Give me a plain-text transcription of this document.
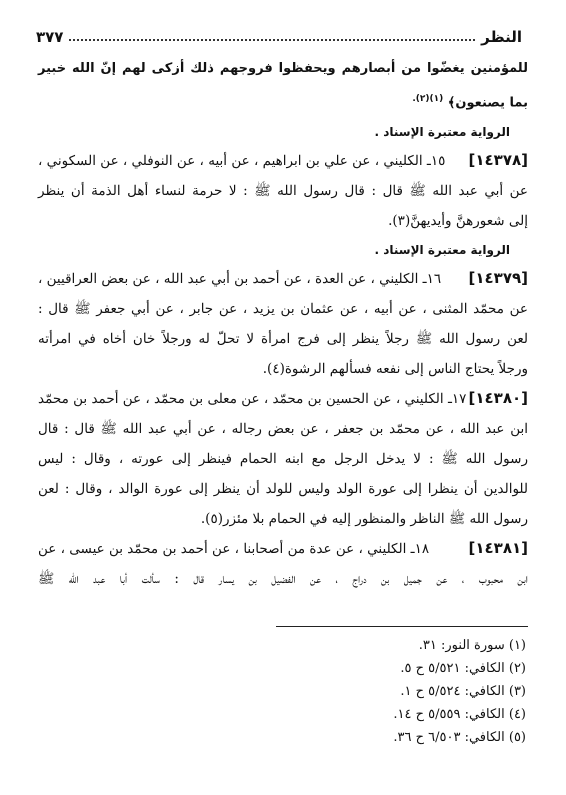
النظر
٣٧٧

للمؤمنين يغضّوا من أبصارهم ويحفظوا فروجهم ذلك أزكى لهم إنّ الله خبير بما يصنعون﴾ $^{(١)(٢).}$

الرواية معتبرة الإسناد .

[١٤٣٧٨]
١٥ـ الكليني ، عن علي بن ابراهيم ، عن أبيه ، عن النوفلي ، عن السكوني ،

عن أبي عبد الله ﷺ قال : قال رسول الله ﷺ : لا حرمة لنساء أهل الذمة أن ينظر

إلى شعورهنَّ وأيديهنَّ(٣).

الرواية معتبرة الإسناد .

[١٤٣٧٩]
١٦ـ الكليني ، عن العدة ، عن أحمد بن أبي عبد الله ، عن بعض العراقيين ،

عن محمّد المثنى ، عن أبيه ، عن عثمان بن يزيد ، عن جابر ، عن أبي جعفر ﷺ قال :

لعن رسول الله ﷺ رجلاً ينظر إلى فرج امرأة لا تحلّ له ورجلاً خان أخاه في امرأته

ورجلاً يحتاج الناس إلى نفعه فسألهم الرشوة(٤).

[١٤٣٨٠]
١٧ـ الكليني ، عن الحسين بن محمّد ، عن معلى بن محمّد ، عن أحمد بن محمّد

ابن عبد الله ، عن محمّد بن جعفر ، عن بعض رجاله ، عن أبي عبد الله ﷺ قال : قال

رسول الله ﷺ : لا يدخل الرجل مع ابنه الحمام فينظر إلى عورته ، وقال : ليس

للوالدين أن ينظرا إلى عورة الولد وليس للولد أن ينظر إلى عورة الوالد ، وقال : لعن

رسول الله ﷺ الناظر والمنظور إليه في الحمام بلا مئزر(٥).

[١٤٣٨١]
١٨ـ الكليني ، عن عدة من أصحابنا ، عن أحمد بن محمّد بن عيسى ، عن

ابن محبوب ، عن جميل بن دراج ، عن الفضيل بن يسار قال : سألت أبا عبد الله ﷺ

(١) سورة النور: ٣١.

(٢) الكافي: ٥/٥٢١ ح ٥.

(٣) الكافي: ٥/٥٢٤ ح ١.

(٤) الكافي: ٥/٥٥٩ ح ١٤.

(٥) الكافي: ٦/٥٠٣ ح ٣٦.
